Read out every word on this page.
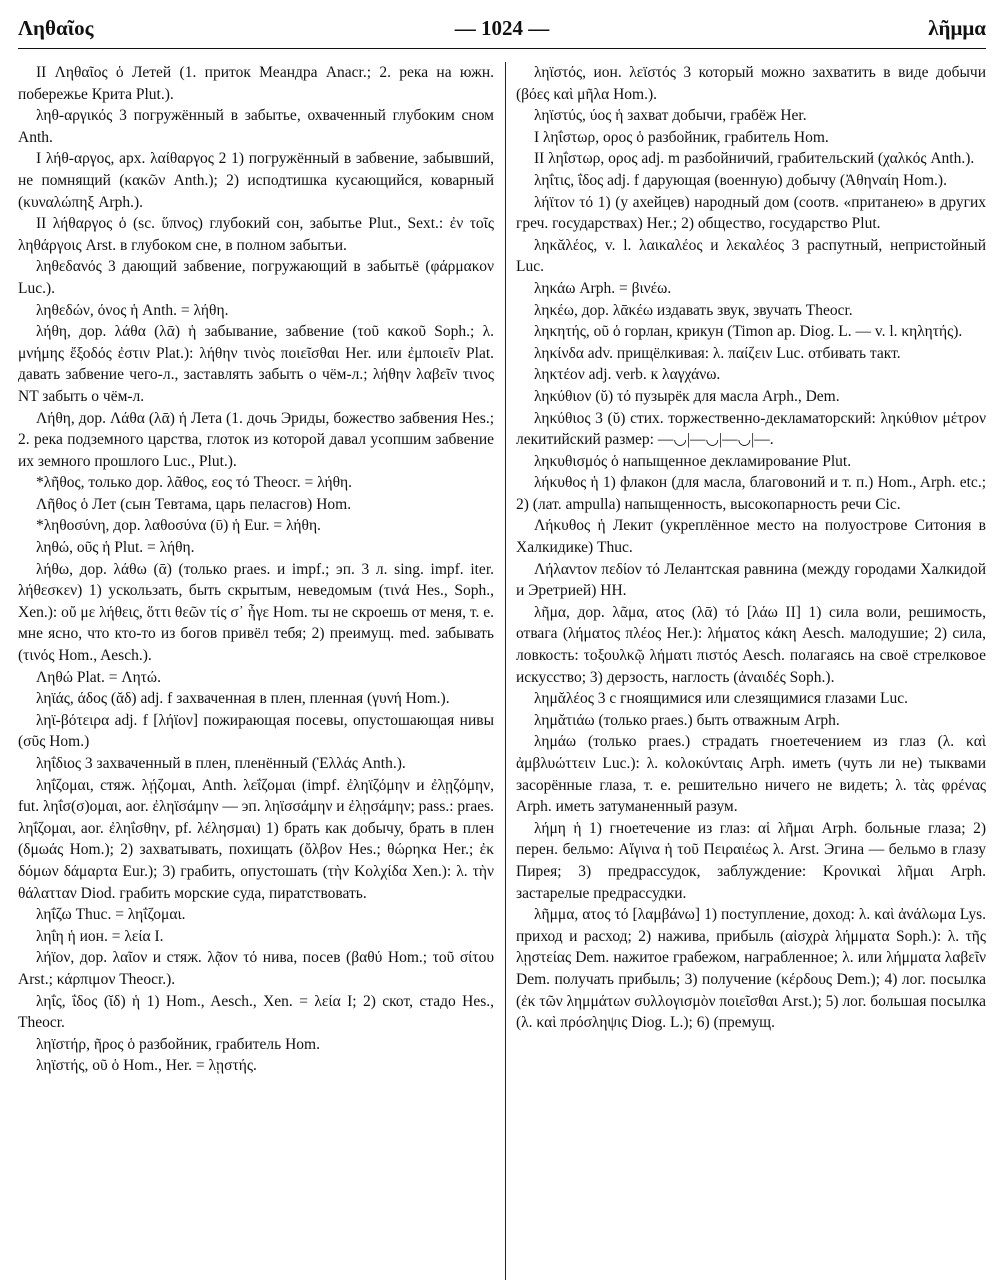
Ληθαῖος	— 1024 —	λῆμμα

II Ληθαῖος ὁ Летей (1. приток Меандра Anacr.; 2. река на южн. побережье Крита Plut.).

ληθ-αργικός 3 погружённый в забытье, охваченный глубоким сном Anth.

I λήθ-αργος, арх. λαίθαργος 2 1) погружённый в забвение, забывший, не помнящий (κακῶν Anth.); 2) исподтишка кусающийся, коварный (κυναλώπηξ Arph.).

II λήθαργος ὁ (sc. ὕπνος) глубокий сон, забытье Plut., Sext.: ἐν τοῖς ληθάργοις Arst. в глубоком сне, в полном забытьи.

ληθεδανός 3 дающий забвение, погружающий в забытьё (φάρμακον Luc.).

ληθεδών, όνος ἡ Anth. = λήθη.

λήθη, дор. λάθα (λᾱ) ἡ забывание, забвение (τοῦ κακοῦ Soph.; λ. μνήμης ἔξοδός ἐστιν Plat.): λήθην τινὸς ποιεῖσθαι Her. или ἐμποιεῖν Plat. давать забвение чего-л., заставлять забыть о чём-л.; λήθην λαβεῖν τινος NT забыть о чём-л.

Λήθη, дор. Λάθα (λᾱ) ἡ Лета (1. дочь Эриды, божество забвения Hes.; 2. река подземного царства, глоток из которой давал усопшим забвение их земного прошлого Luc., Plut.).

*λῆθος, только дор. λᾶθος, εος τό Theocr. = λήθη.

Λῆθος ὁ Лет (сын Тевтама, царь пеласгов) Hom.

*ληθοσύνη, дор. λαθοσύνα (ῡ) ἡ Eur. = λήθη.

ληθώ, οῦς ἡ Plut. = λήθη.

λήθω, дор. λάθω (ᾱ) (только praes. и impf.; эп. 3 л. sing. impf. iter. λήθεσκεν) 1) ускользать, быть скрытым, неведомым (τινά Hes., Soph., Xen.): οὔ με λήθεις, ὅττι θεῶν τίς σ᾽ ἦγε Hom. ты не скроешь от меня, т. е. мне ясно, что кто-то из богов привёл тебя; 2) преимущ. med. забывать (τινός Hom., Aesch.).

Ληθώ Plat. = Λητώ.

ληϊάς, άδος (ᾰδ) adj. f захваченная в плен, пленная (γυνή Hom.).

ληϊ-βότειρα adj. f [λήϊον] пожирающая посевы, опустошающая нивы (σῦς Hom.)

ληΐδιος 3 захваченный в плен, пленённый (Ἑλλάς Anth.).

ληΐζομαι, стяж. λῄζομαι, Anth. λεΐζομαι (impf. ἐληϊζόμην и ἐλῃζόμην, fut. ληΐσ(σ)ομαι, aor. ἐληϊσάμην — эп. ληϊσσάμην и ἐλῃσάμην; pass.: praes. ληΐζομαι, aor. ἐληΐσθην, pf. λέλησμαι) 1) брать как добычу, брать в плен (δμωάς Hom.); 2) захватывать, похищать (ὄλβον Hes.; θώρηκα Her.; ἐκ δόμων δάμαρτα Eur.); 3) грабить, опустошать (τὴν Κολχίδα Xen.): λ. τὴν θάλατταν Diod. грабить морские суда, пиратствовать.

ληΐζω Thuc. = ληΐζομαι.

ληΐη ἡ ион. = λεία I.

λήϊον, дор. λαῖον и стяж. λᾷον τό нива, посев (βαθύ Hom.; τοῦ σίτου Arst.; κάρπιμον Theocr.).

ληΐς, ΐδος (ῐδ) ἡ 1) Hom., Aesch., Xen. = λεία I; 2) скот, стадо Hes., Theocr.

ληϊστήρ, ῆρος ὁ разбойник, грабитель Hom.

ληϊστής, οῦ ὁ Hom., Her. = λῃστής.

ληϊστός, ион. λεϊστός 3 который можно захватить в виде добычи (βόες καὶ μῆλα Hom.).

ληϊστύς, ύος ἡ захват добычи, грабёж Her.

I ληΐστωρ, ορος ὁ разбойник, грабитель Hom.

II ληΐστωρ, ορος adj. m разбойничий, грабительский (χαλκός Anth.).

ληΐτις, ΐδος adj. f дарующая (военную) добычу (Ἀθηναίη Hom.).

λήϊτον τό 1) (у ахейцев) народный дом (соотв. «пританею» в других греч. государствах) Her.; 2) общество, государство Plut.

ληκᾰλέος, v. l. λαικαλέος и λεκαλέος 3 распутный, непристойный Luc.

ληκάω Arph. = βινέω.

ληκέω, дор. λᾱκέω издавать звук, звучать Theocr.

ληκητής, οῦ ὁ горлан, крикун (Timon ap. Diog. L. — v. l. κηλητής).

ληκίνδα adv. прищёлкивая: λ. παίζειν Luc. отбивать такт.

ληκτέον adj. verb. к λαγχάνω.

ληκύθιον (ῠ) τό пузырёк для масла Arph., Dem.

ληκύθιος 3 (ῠ) стих. торжественно-декламаторский: ληκύθιον μέτρον лекитийский размер: —◡|—◡|—◡|—.

ληκυθισμός ὁ напыщенное декламирование Plut.

λήκυθος ἡ 1) флакон (для масла, благовоний и т. п.) Hom., Arph. etc.; 2) (лат. ampulla) напыщенность, высокопарность речи Cic.

Λήκυθος ἡ Лекит (укреплённое место на полуострове Ситония в Халкидике) Thuc.

Λήλαντον πεδίον τό Лелантская равнина (между городами Халкидой и Эретрией) HH.

λῆμα, дор. λᾶμα, ατος (λᾱ) τό [λάω II] 1) сила воли, решимость, отвага (λήματος πλέος Her.): λήματος κάκη Aesch. малодушие; 2) сила, ловкость: τοξουλκῷ λήματι πιστός Aesch. полагаясь на своё стрелковое искусство; 3) дерзость, наглость (ἀναιδές Soph.).

λημᾰλέος 3 с гноящимися или слезящимися глазами Luc.

λημᾰτιάω (только praes.) быть отважным Arph.

λημάω (только praes.) страдать гноетечением из глаз (λ. καὶ ἀμβλυώττειν Luc.): λ. κολοκύνταις Arph. иметь (чуть ли не) тыквами засорённые глаза, т. е. решительно ничего не видеть; λ. τὰς φρένας Arph. иметь затуманенный разум.

λήμη ἡ 1) гноетечение из глаз: αἱ λῆμαι Arph. больные глаза; 2) перен. бельмо: Αἴγινα ἡ τοῦ Πειραιέως λ. Arst. Эгина — бельмо в глазу Пирея; 3) предрассудок, заблуждение: Κρονικαὶ λῆμαι Arph. застарелые предрассудки.

λῆμμα, ατος τό [λαμβάνω] 1) поступление, доход: λ. καὶ ἀνάλωμα Lys. приход и расход; 2) нажива, прибыль (αἰσχρὰ λήμματα Soph.): λ. τῆς λῃστείας Dem. нажитое грабежом, награбленное; λ. или λήμματα λαβεῖν Dem. получать прибыль; 3) получение (κέρδους Dem.); 4) лог. посылка (ἐκ τῶν λημμάτων συλλογισμὸν ποιεῖσθαι Arst.); 5) лог. большая посылка (λ. καὶ πρόσληψις Diog. L.); 6) (премущ.
